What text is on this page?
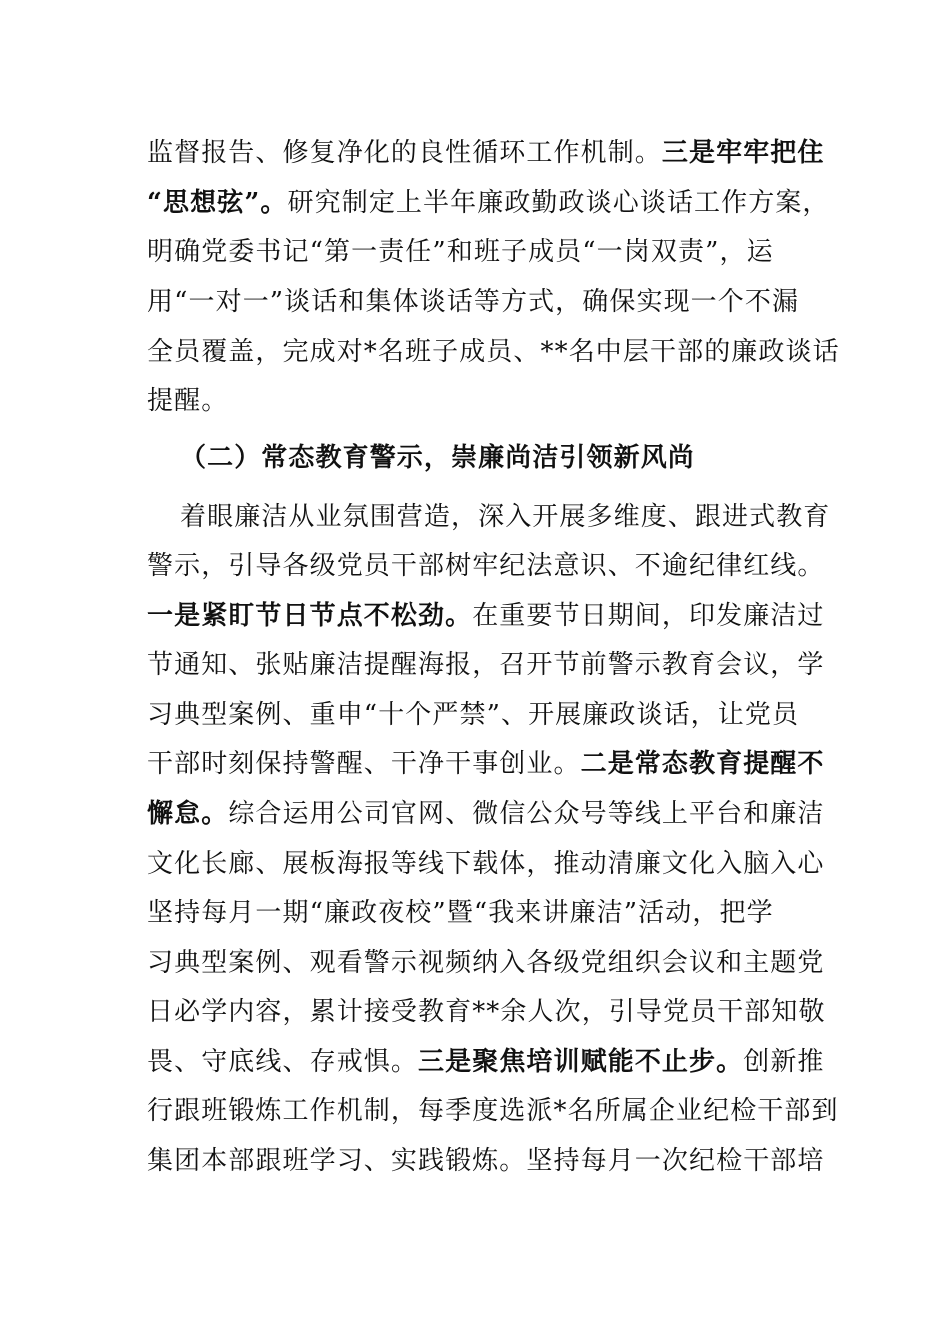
监督报告、修复净化的良性循环工作机制。三是牢牢把住
“思想弦”。研究制定上半年廉政勤政谈心谈话工作方案，
明确党委书记“第一责任”和班子成员“一岗双责”，运
用“一对一”谈话和集体谈话等方式，确保实现一个不漏
全员覆盖，完成对*名班子成员、**名中层干部的廉政谈话
提醒。
（二）常态教育警示，崇廉尚洁引领新风尚
着眼廉洁从业氛围营造，深入开展多维度、跟进式教育
警示，引导各级党员干部树牢纪法意识、不逾纪律红线。
一是紧盯节日节点不松劲。在重要节日期间，印发廉洁过
节通知、张贴廉洁提醒海报，召开节前警示教育会议，学
习典型案例、重申“十个严禁”、开展廉政谈话，让党员
干部时刻保持警醒、干净干事创业。二是常态教育提醒不
懈怠。综合运用公司官网、微信公众号等线上平台和廉洁
文化长廊、展板海报等线下载体，推动清廉文化入脑入心
坚持每月一期“廉政夜校”暨“我来讲廉洁”活动，把学
习典型案例、观看警示视频纳入各级党组织会议和主题党
日必学内容，累计接受教育**余人次，引导党员干部知敬
畏、守底线、存戒惧。三是聚焦培训赋能不止步。创新推
行跟班锻炼工作机制，每季度选派*名所属企业纪检干部到
集团本部跟班学习、实践锻炼。坚持每月一次纪检干部培
